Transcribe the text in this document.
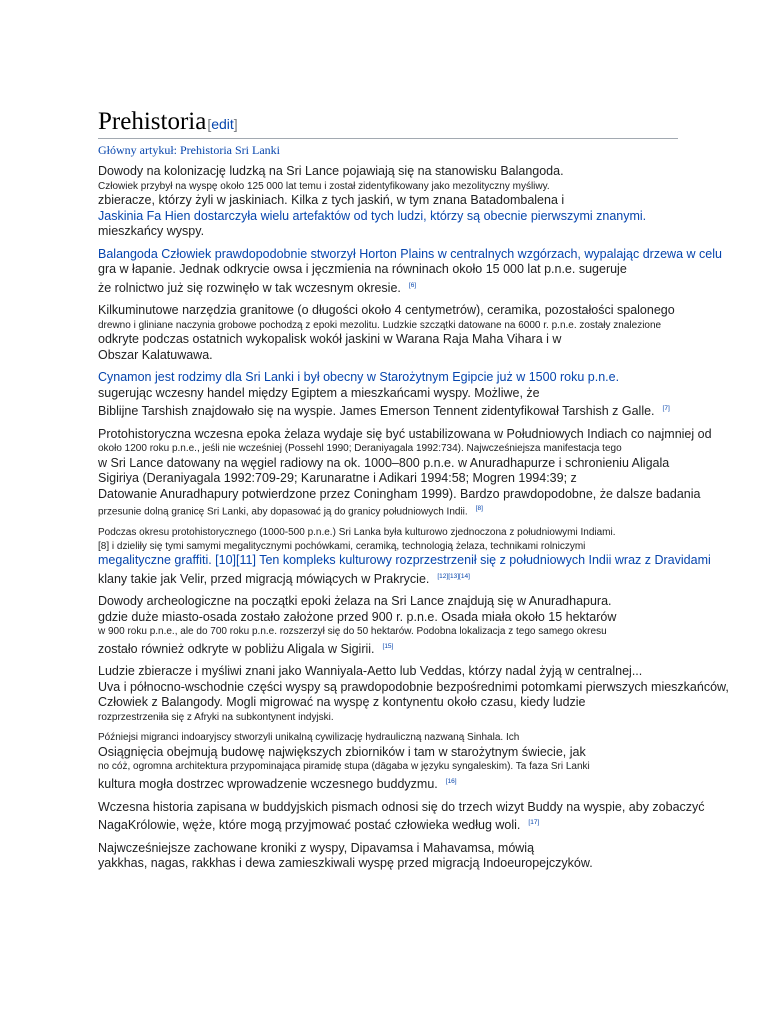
Prehistoria [edit]
Główny artykuł: Prehistoria Sri Lanki
Dowody na kolonizację ludzką na Sri Lance pojawiają się na stanowisku Balangoda.
Człowiek przybył na wyspę około 125 000 lat temu i został zidentyfikowany jako mezolityczny myśliwy.
zbieracze, którzy żyli w jaskiniach. Kilka z tych jaskiń, w tym znana Batadombalena i
Jaskinia Fa Hien dostarczyła wielu artefaktów od tych ludzi, którzy są obecnie pierwszymi znanymi.
mieszkańcy wyspy.
Balangoda Człowiek prawdopodobnie stworzył Horton Plains w centralnych wzgórzach, wypalając drzewa w celu
gra w łapanie. Jednak odkrycie owsa i jęczmienia na równinach około 15 000 lat p.n.e. sugeruje
że rolnictwo już się rozwinęło w tak wczesnym okresie. [6]
Kilkuminutowe narzędzia granitowe (o długości około 4 centymetrów), ceramika, pozostałości spalonego
drewno i gliniane naczynia grobowe pochodzą z epoki mezolitu. Ludzkie szczątki datowane na 6000 r. p.n.e. zostały znalezione
odkryte podczas ostatnich wykopalisk wokół jaskini w Warana Raja Maha Vihara i w
Obszar Kalatuwawa.
Cynamon jest rodzimy dla Sri Lanki i był obecny w Starożytnym Egipcie już w 1500 roku p.n.e.
sugerując wczesny handel między Egiptem a mieszkańcami wyspy. Możliwe, że
Biblijne Tarshish znajdowało się na wyspie. James Emerson Tennent zidentyfikował Tarshish z Galle. [7]
Protohistoryczna wczesna epoka żelaza wydaje się być ustabilizowana w Południowych Indiach co najmniej od
około 1200 roku p.n.e., jeśli nie wcześniej (Possehl 1990; Deraniyagala 1992:734). Najwcześniejsza manifestacja tego
w Sri Lance datowany na węgiel radiowy na ok. 1000–800 p.n.e. w Anuradhapurze i schronieniu Aligala
Sigiriya (Deraniyagala 1992:709-29; Karunaratne i Adikari 1994:58; Mogren 1994:39; z
Datowanie Anuradhapury potwierdzone przez Coningham 1999). Bardzo prawdopodobne, że dalsze badania
przesunie dolną granicę Sri Lanki, aby dopasować ją do granicy południowych Indii. [8]
Podczas okresu protohistorycznego (1000-500 p.n.e.) Sri Lanka była kulturowo zjednoczona z południowymi Indiami.
[8] i dzieliły się tymi samymi megalitycznymi pochówkami, ceramiką, technologią żelaza, technikami rolniczymi
megalityczne graffiti. [10][11] Ten kompleks kulturowy rozprzestrzenił się z południowych Indii wraz z Dravidami
klany takie jak Velir, przed migracją mówiących w Prakrycie. [12][13][14]
Dowody archeologiczne na początki epoki żelaza na Sri Lance znajdują się w Anuradhapura.
gdzie duże miasto-osada zostało założone przed 900 r. p.n.e. Osada miała około 15 hektarów
w 900 roku p.n.e., ale do 700 roku p.n.e. rozszerzył się do 50 hektarów. Podobna lokalizacja z tego samego okresu
zostało również odkryte w pobliżu Aligala w Sigirii. [15]
Ludzie zbieracze i myśliwi znani jako Wanniyala-Aetto lub Veddas, którzy nadal żyją w centralnej...
Uva i północno-wschodnie części wyspy są prawdopodobnie bezpośrednimi potomkami pierwszych mieszkańców,
Człowiek z Balangody. Mogli migrować na wyspę z kontynentu około czasu, kiedy ludzie
rozprzestrzeniła się z Afryki na subkontynent indyjski.
Późniejsi migranci indoaryjscy stworzyli unikalną cywilizację hydrauliczną nazwaną Sinhala. Ich
Osiągnięcia obejmują budowę największych zbiorników i tam w starożytnym świecie, jak
no cóż, ogromna architektura przypominająca piramidę stupa (dāgaba w języku syngaleskim). Ta faza Sri Lanki
kultura mogła dostrzec wprowadzenie wczesnego buddyzmu. [16]
Wczesna historia zapisana w buddyjskich pismach odnosi się do trzech wizyt Buddy na wyspie, aby zobaczyć
NagaKrólowie, węże, które mogą przyjmować postać człowieka według woli. [17]
Najwcześniejsze zachowane kroniki z wyspy, Dipavamsa i Mahavamsa, mówią
yakkhas, nagas, rakkhas i dewa zamieszkiwali wyspę przed migracją Indoeuropejczyków.
